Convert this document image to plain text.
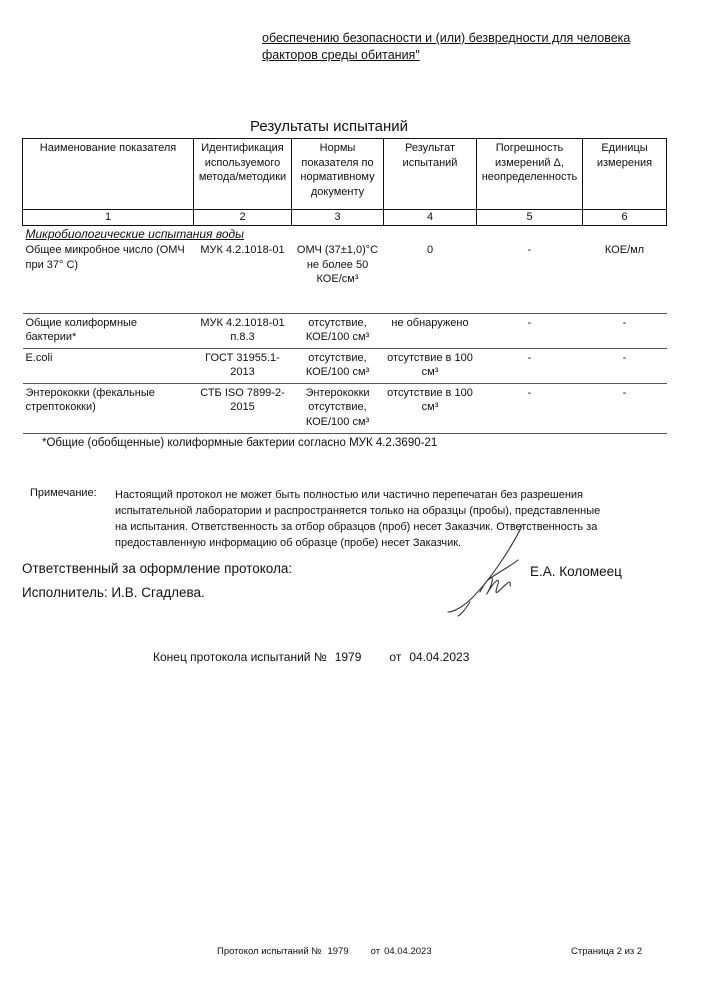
обеспечению безопасности и (или) безвредности для человека
факторов среды обитания"
Результаты испытаний
Наименование показателя	Идентификация используемого метода/методики	Нормы показателя по нормативному документу	Результат испытаний	Погрешность измерений Δ, неопределенность	Единицы измерения
1	2	3	4	5	6
Микробиологические испытания воды					
Общее микробное число (ОМЧ при 37° С)	МУК 4.2.1018-01	ОМЧ (37±1,0)°С не более 50 КОЕ/см³	0	-	КОЕ/мл
Общие колиформные бактерии*	МУК 4.2.1018-01 п.8.3	отсутствие, КОЕ/100 см³	не обнаружено	-	-
E.coli	ГОСТ 31955.1-2013	отсутствие, КОЕ/100 см³	отсутствие в 100 см³	-	-
Энтерококки (фекальные стрептококки)	СТБ ISO 7899-2-2015	Энтерококки отсутствие, КОЕ/100 см³	отсутствие в 100 см³	-	-
*Общие (обобщенные) колиформные бактерии согласно МУК 4.2.3690-21
Примечание: Настоящий протокол не может быть полностью или частично перепечатан без разрешения
испытательной лаборатории и распространяется только на образцы (пробы), представленные
на испытания. Ответственность за отбор образцов (проб) несет Заказчик. Ответственность за
предоставленную информацию об образце (пробе) несет Заказчик.
Ответственный за оформление протокола:	Е.А. Коломеец
Исполнитель: И.В. Сгадлева.
Конец протокола испытаний № 1979 от 04.04.2023
Протокол испытаний № 1979 от 04.04.2023	Страница 2 из 2
